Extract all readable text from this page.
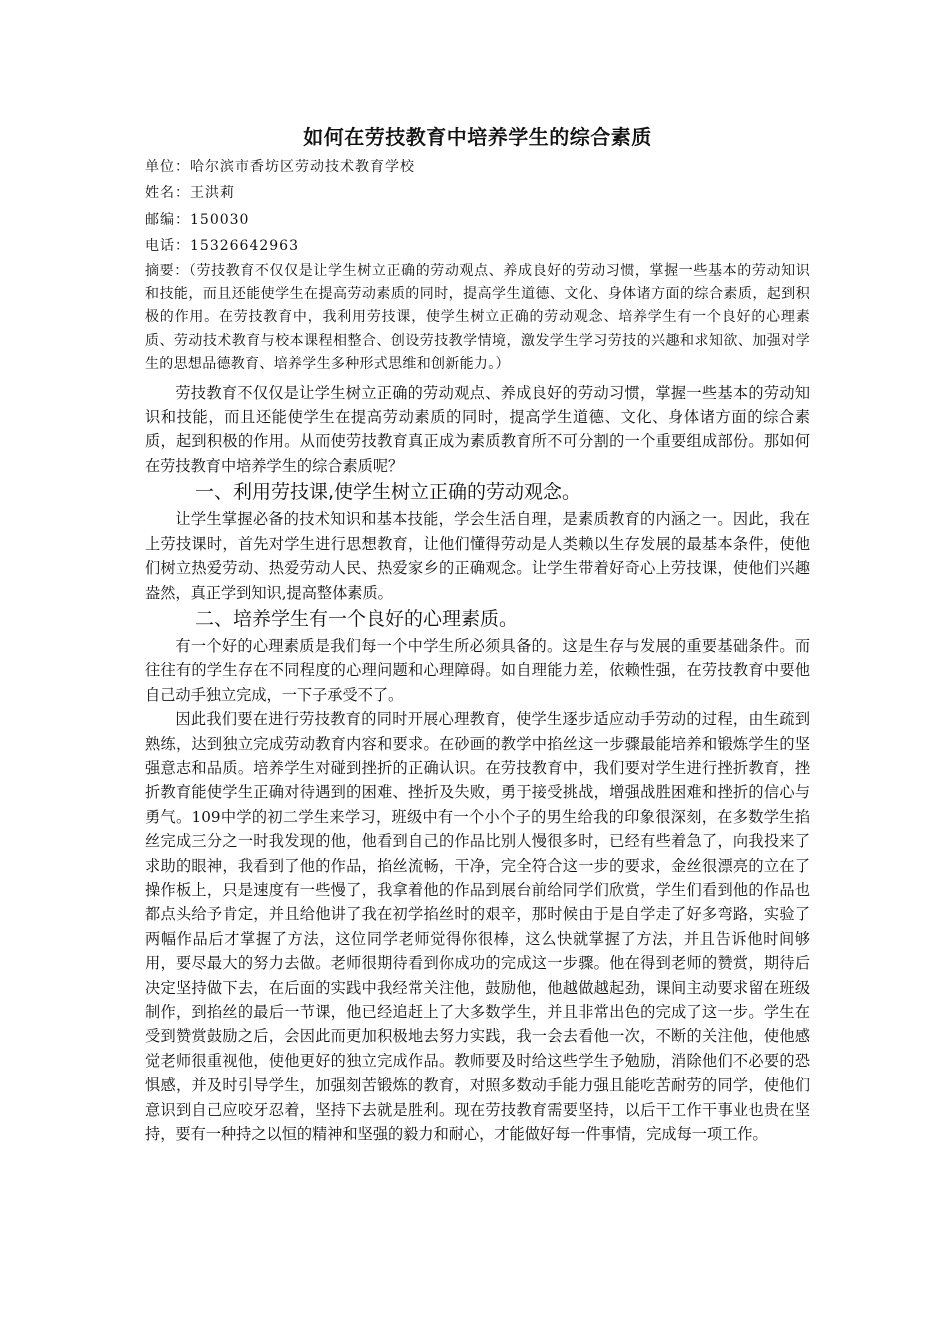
如何在劳技教育中培养学生的综合素质

单位：哈尔滨市香坊区劳动技术教育学校

姓名：王洪莉

邮编：150030

电话：15326642963

摘要：（劳技教育不仅仅是让学生树立正确的劳动观点、养成良好的劳动习惯，掌握一些基本的劳动知识和技能，而且还能使学生在提高劳动素质的同时，提高学生道德、文化、身体诸方面的综合素质，起到积极的作用。在劳技教育中，我利用劳技课，使学生树立正确的劳动观念、培养学生有一个良好的心理素质、劳动技术教育与校本课程相整合、创设劳技教学情境，激发学生学习劳技的兴趣和求知欲、加强对学生的思想品德教育、培养学生多种形式思维和创新能力。）

劳技教育不仅仅是让学生树立正确的劳动观点、养成良好的劳动习惯，掌握一些基本的劳动知识和技能，而且还能使学生在提高劳动素质的同时，提高学生道德、文化、身体诸方面的综合素质，起到积极的作用。从而使劳技教育真正成为素质教育所不可分割的一个重要组成部份。那如何在劳技教育中培养学生的综合素质呢？

一、利用劳技课,使学生树立正确的劳动观念。

让学生掌握必备的技术知识和基本技能，学会生活自理，是素质教育的内涵之一。因此，我在上劳技课时，首先对学生进行思想教育，让他们懂得劳动是人类赖以生存发展的最基本条件，使他们树立热爱劳动、热爱劳动人民、热爱家乡的正确观念。让学生带着好奇心上劳技课，使他们兴趣盎然，真正学到知识,提高整体素质。

二、培养学生有一个良好的心理素质。

有一个好的心理素质是我们每一个中学生所必须具备的。这是生存与发展的重要基础条件。而往往有的学生存在不同程度的心理问题和心理障碍。如自理能力差，依赖性强，在劳技教育中要他自己动手独立完成，一下子承受不了。

因此我们要在进行劳技教育的同时开展心理教育，使学生逐步适应动手劳动的过程，由生疏到熟练，达到独立完成劳动教育内容和要求。在砂画的教学中掐丝这一步骤最能培养和锻炼学生的坚强意志和品质。培养学生对碰到挫折的正确认识。在劳技教育中，我们要对学生进行挫折教育，挫折教育能使学生正确对待遇到的困难、挫折及失败，勇于接受挑战，增强战胜困难和挫折的信心与勇气。109中学的初二学生来学习，班级中有一个小个子的男生给我的印象很深刻，在多数学生掐丝完成三分之一时我发现的他，他看到自己的作品比别人慢很多时，已经有些着急了，向我投来了求助的眼神，我看到了他的作品，掐丝流畅，干净，完全符合这一步的要求，金丝很漂亮的立在了操作板上，只是速度有一些慢了，我拿着他的作品到展台前给同学们欣赏，学生们看到他的作品也都点头给予肯定，并且给他讲了我在初学掐丝时的艰辛，那时候由于是自学走了好多弯路，实验了两幅作品后才掌握了方法，这位同学老师觉得你很棒，这么快就掌握了方法，并且告诉他时间够用，要尽最大的努力去做。老师很期待看到你成功的完成这一步骤。他在得到老师的赞赏，期待后决定坚持做下去，在后面的实践中我经常关注他，鼓励他，他越做越起劲，课间主动要求留在班级制作，到掐丝的最后一节课，他已经追赶上了大多数学生，并且非常出色的完成了这一步。学生在受到赞赏鼓励之后，会因此而更加积极地去努力实践，我一会去看他一次，不断的关注他，使他感觉老师很重视他，使他更好的独立完成作品。教师要及时给这些学生予勉励，消除他们不必要的恐惧感，并及时引导学生，加强刻苦锻炼的教育，对照多数动手能力强且能吃苦耐劳的同学，使他们意识到自己应咬牙忍着，坚持下去就是胜利。现在劳技教育需要坚持，以后干工作干事业也贵在坚持，要有一种持之以恒的精神和坚强的毅力和耐心，才能做好每一件事情，完成每一项工作。
